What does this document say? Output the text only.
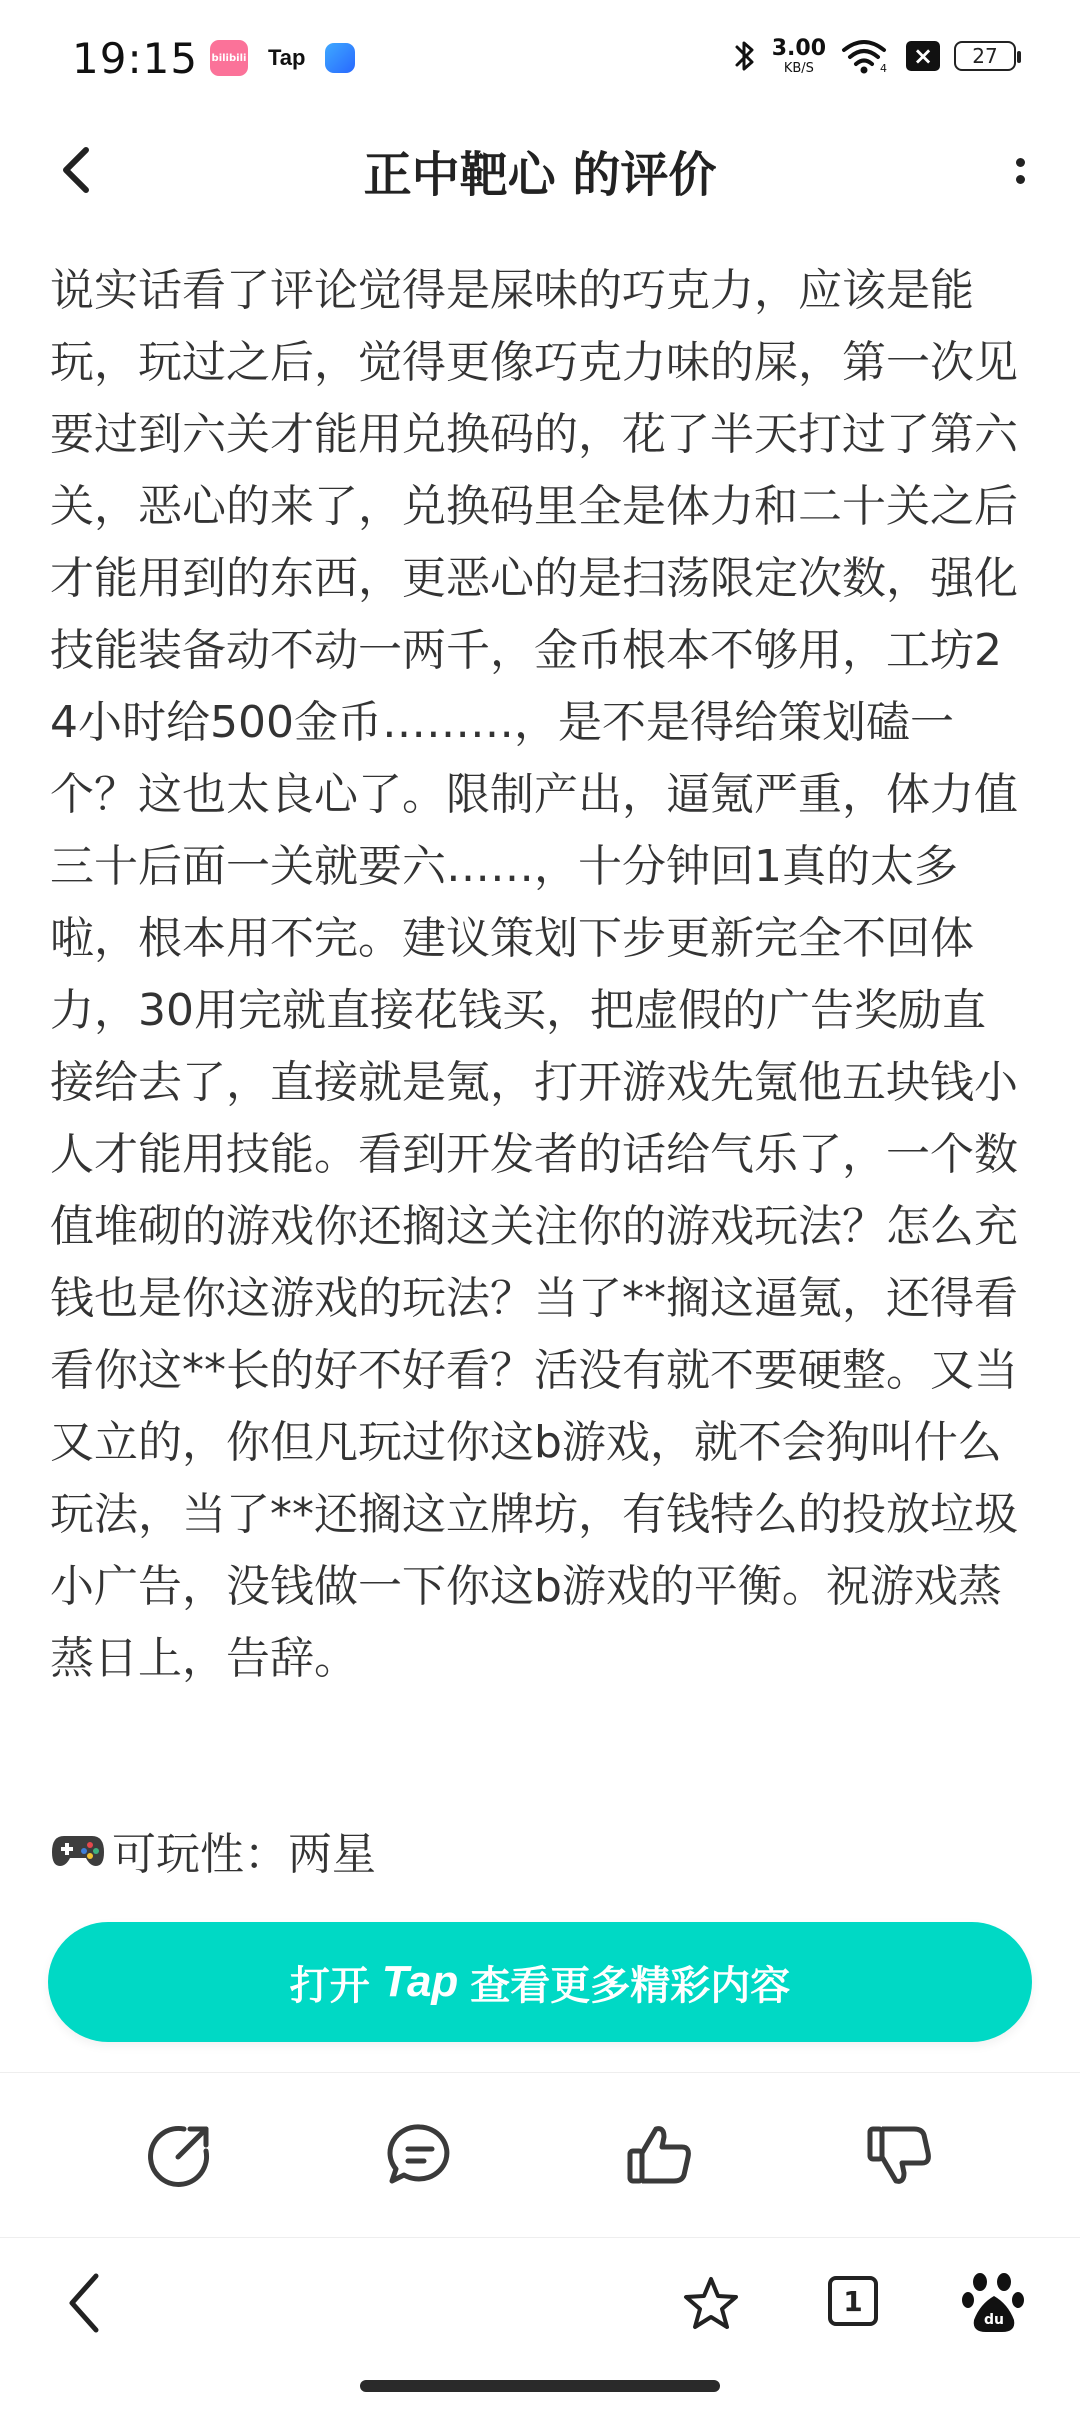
19:15 bilibili Tap	3.00
KB/S	4 ×	27
正中靶心 的评价
说实话看了评论觉得是屎味的巧克力，应该是能玩，玩过之后，觉得更像巧克力味的屎，第一次见要过到六关才能用兑换码的，花了半天打过了第六关，恶心的来了，兑换码里全是体力和二十关之后才能用到的东西，更恶心的是扫荡限定次数，强化技能装备动不动一两千，金币根本不够用，工坊24小时给500金币………，是不是得给策划磕一个？这也太良心了。限制产出，逼氪严重，体力值三十后面一关就要六……，十分钟回1真的太多啦，根本用不完。建议策划下步更新完全不回体力，30用完就直接花钱买，把虚假的广告奖励直接给去了，直接就是氪，打开游戏先氪他五块钱小人才能用技能。看到开发者的话给气乐了，一个数值堆砌的游戏你还搁这关注你的游戏玩法？怎么充钱也是你这游戏的玩法？当了**搁这逼氪，还得看看你这**长的好不好看？活没有就不要硬整。又当又立的，你但凡玩过你这b游戏，就不会狗叫什么玩法，当了**还搁这立牌坊，有钱特么的投放垃圾小广告，没钱做一下你这b游戏的平衡。祝游戏蒸蒸日上，告辞。
可玩性：两星
打开 Tap 查看更多精彩内容
1
du
